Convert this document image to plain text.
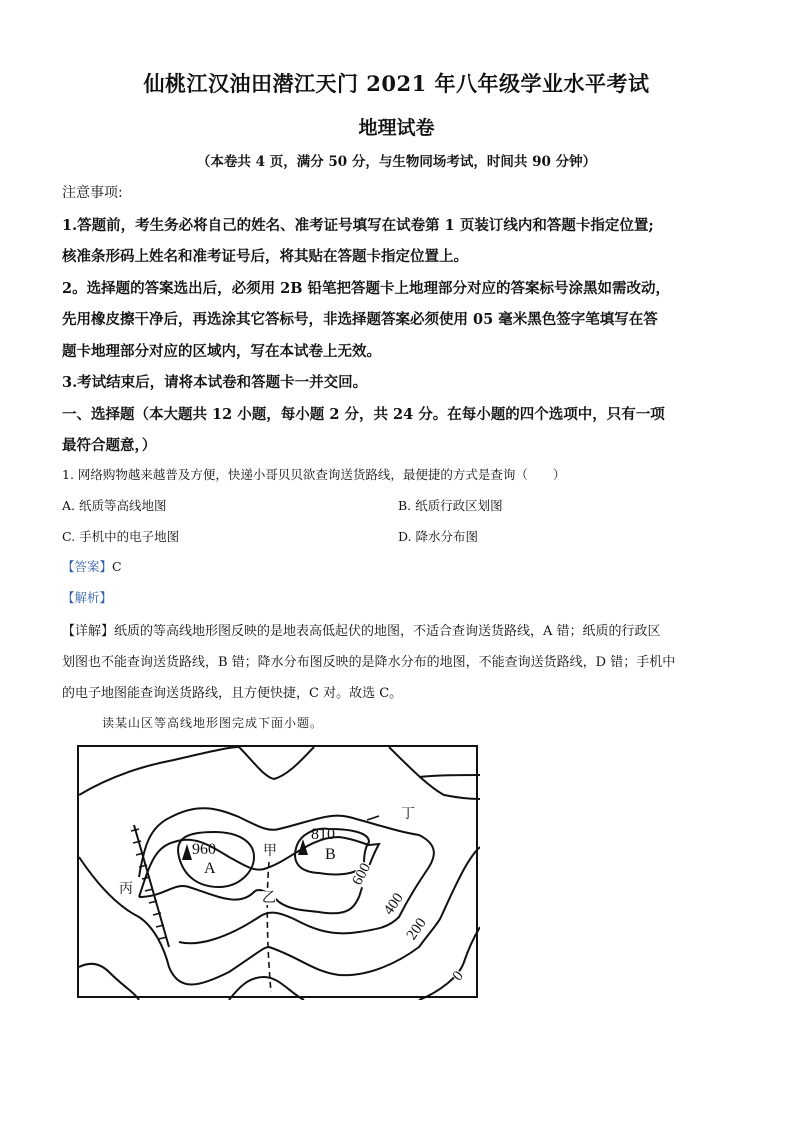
仙桃江汉油田潜江天门 2021 年八年级学业水平考试
地理试卷
（本卷共 4 页，满分 50 分，与生物同场考试，时间共 90 分钟）
注意事项:
1.答题前，考生务必将自己的姓名、准考证号填写在试卷第 1 页装订线内和答题卡指定位置;
核准条形码上姓名和准考证号后，将其贴在答题卡指定位置上。
2。选择题的答案选出后，必须用 2B 铅笔把答题卡上地理部分对应的答案标号涂黑如需改动，
先用橡皮擦干净后，再选涂其它答标号，非选择题答案必须使用 05 毫米黑色签字笔填写在答
题卡地理部分对应的区域内，写在本试卷上无效。
3.考试结束后，请将本试卷和答题卡一并交回。
一、选择题（本大题共 12 小题，每小题 2 分，共 24 分。在每小题的四个选项中，只有一项
最符合题意，）
1. 网络购物越来越普及方便，快递小哥贝贝欲查询送货路线，最便捷的方式是查询（　　）
A. 纸质等高线地图	B. 纸质行政区划图
C. 手机中的电子地图	D. 降水分布图
【答案】C
【解析】
【详解】纸质的等高线地形图反映的是地表高低起伏的地图，不适合查询送货路线，A 错；纸质的行政区
划图也不能查询送货路线，B 错；降水分布图反映的是降水分布的地图，不能查询送货路线，D 错；手机中
的电子地图能查询送货路线，且方便快捷，C 对。故选 C。
读某山区等高线地形图完成下面小题。
960
A
810
B
甲
乙
丙
丁
600
400
200
0
